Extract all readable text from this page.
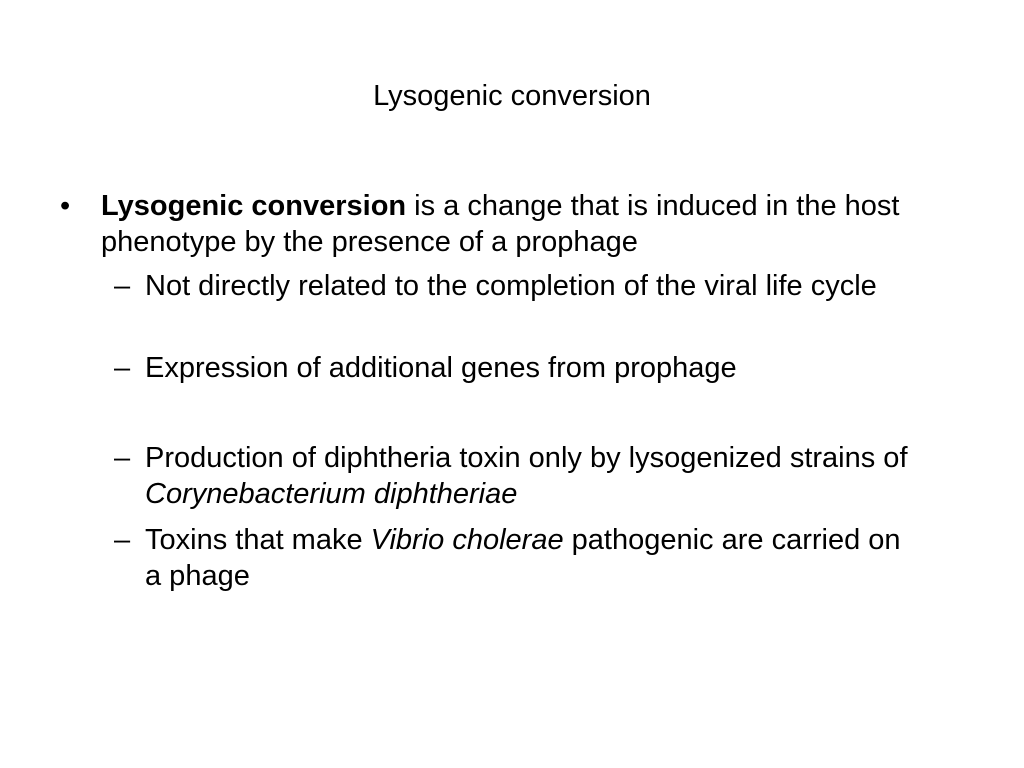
Lysogenic conversion
• Lysogenic conversion is a change that is induced in the host phenotype by the presence of a prophage
– Not directly related to the completion of the viral life cycle
– Expression of additional genes from prophage
– Production of diphtheria toxin only by lysogenized strains of Corynebacterium diphtheriae
– Toxins that make Vibrio cholerae pathogenic are carried on a phage
